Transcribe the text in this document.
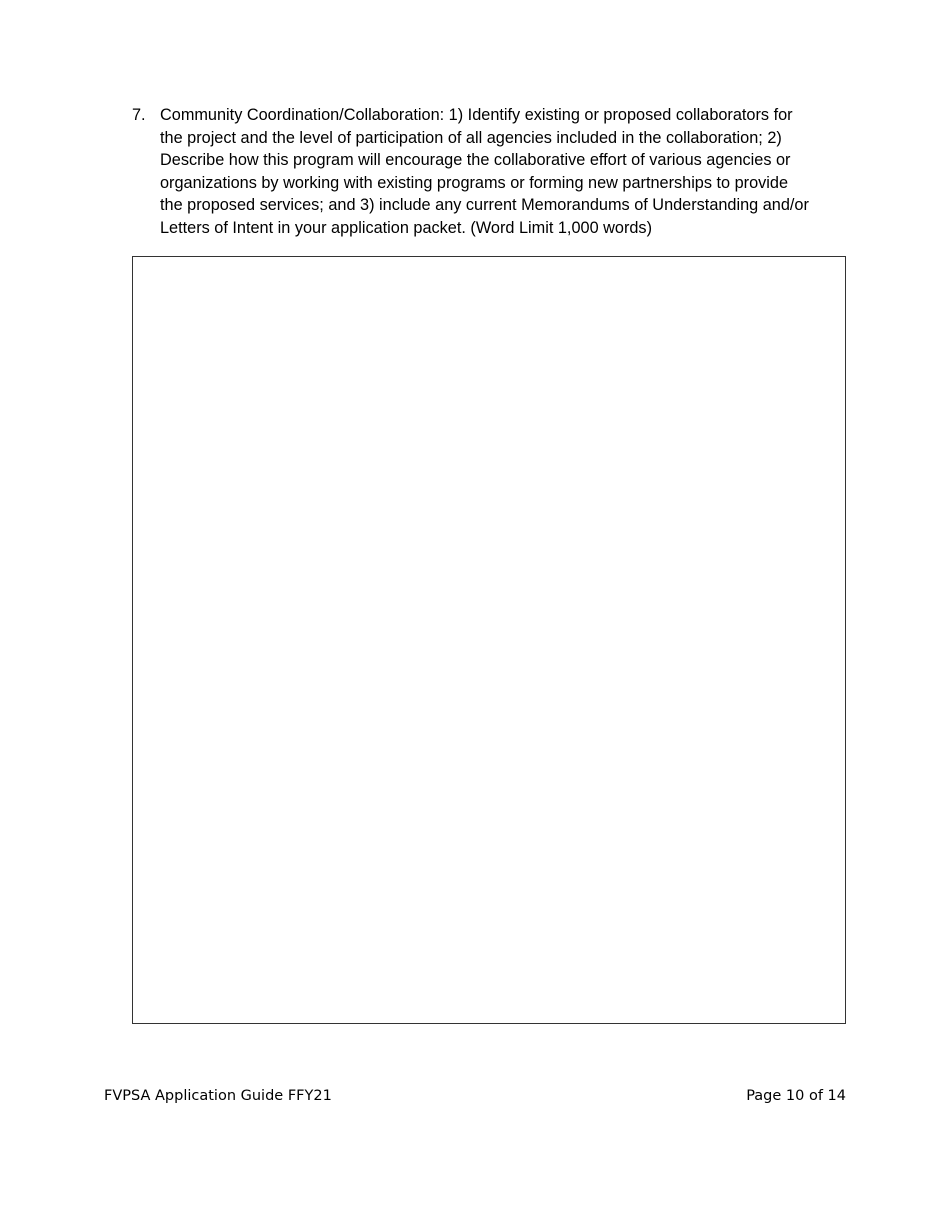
7. Community Coordination/Collaboration: 1) Identify existing or proposed collaborators for
the project and the level of participation of all agencies included in the collaboration; 2)
Describe how this program will encourage the collaborative effort of various agencies or
organizations by working with existing programs or forming new partnerships to provide
the proposed services; and 3) include any current Memorandums of Understanding and/or
Letters of Intent in your application packet. (Word Limit 1,000 words)
FVPSA Application Guide FFY21	Page 10 of 14
